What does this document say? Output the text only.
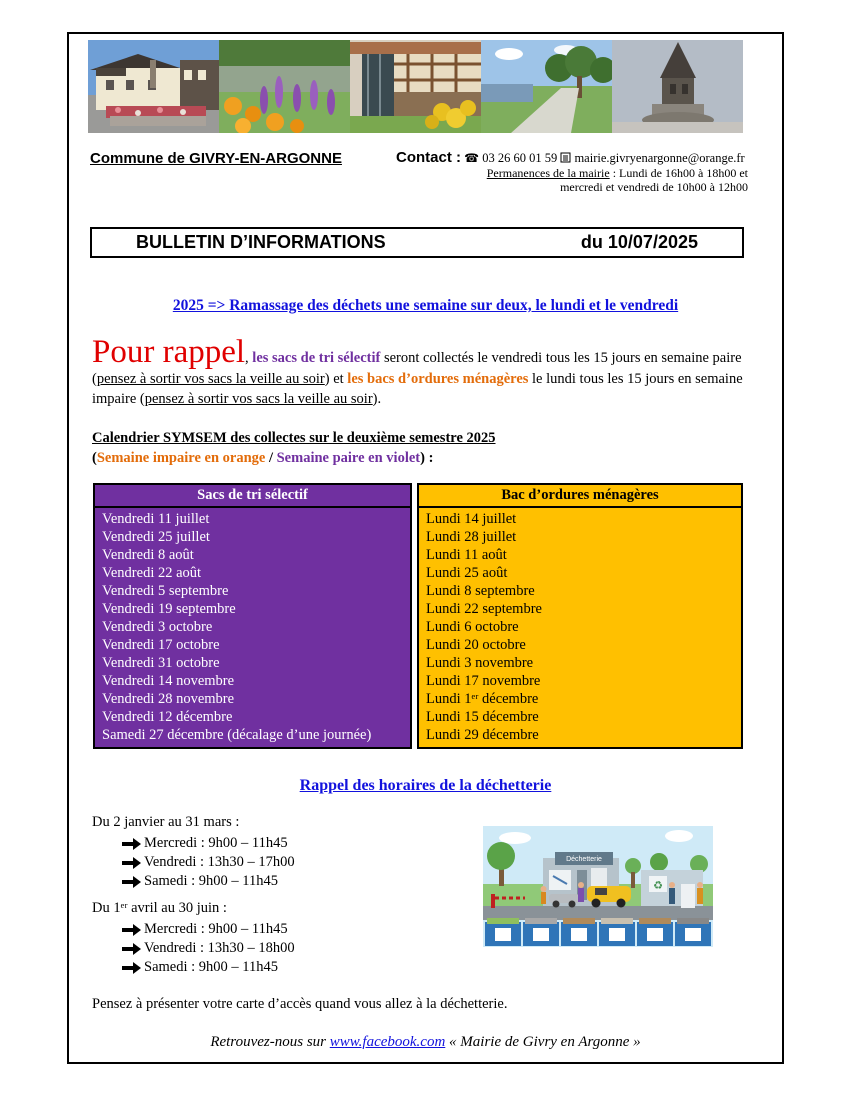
Commune de GIVRY-EN-ARGONNE	Contact : ☎ 03 26 60 01 59 mairie.givryenargonne@orange.fr
Permanences de la mairie : Lundi de 16h00 à 18h00 et
mercredi et vendredi de 10h00 à 12h00
BULLETIN D’INFORMATIONS	du 10/07/2025
2025 => Ramassage des déchets une semaine sur deux, le lundi et le vendredi
Pour rappel, les sacs de tri sélectif seront collectés le vendredi tous les 15 jours en semaine paire (pensez à sortir vos sacs la veille au soir) et les bacs d’ordures ménagères le lundi tous les 15 jours en semaine impaire (pensez à sortir vos sacs la veille au soir).
Calendrier SYMSEM des collectes sur le deuxième semestre 2025
(Semaine impaire en orange / Semaine paire en violet) :
Sacs de tri sélectif
Vendredi 11 juillet
Vendredi 25 juillet
Vendredi 8 août
Vendredi 22 août
Vendredi 5 septembre
Vendredi 19 septembre
Vendredi 3 octobre
Vendredi 17 octobre
Vendredi 31 octobre
Vendredi 14 novembre
Vendredi 28 novembre
Vendredi 12 décembre
Samedi 27 décembre (décalage d’une journée)
Bac d’ordures ménagères
Lundi 14 juillet
Lundi 28 juillet
Lundi 11 août
Lundi 25 août
Lundi 8 septembre
Lundi 22 septembre
Lundi 6 octobre
Lundi 20 octobre
Lundi 3 novembre
Lundi 17 novembre
Lundi 1ᵉʳ décembre
Lundi 15 décembre
Lundi 29 décembre
Rappel des horaires de la déchetterie
Du 2 janvier au 31 mars :
Mercredi : 9h00 – 11h45
Vendredi : 13h30 – 17h00
Samedi : 9h00 – 11h45
Du 1ᵉʳ avril au 30 juin :
Mercredi : 9h00 – 11h45
Vendredi : 13h30 – 18h00
Samedi : 9h00 – 11h45
Déchetterie
♻
Pensez à présenter votre carte d’accès quand vous allez à la déchetterie.
Retrouvez-nous sur www.facebook.com « Mairie de Givry en Argonne »
